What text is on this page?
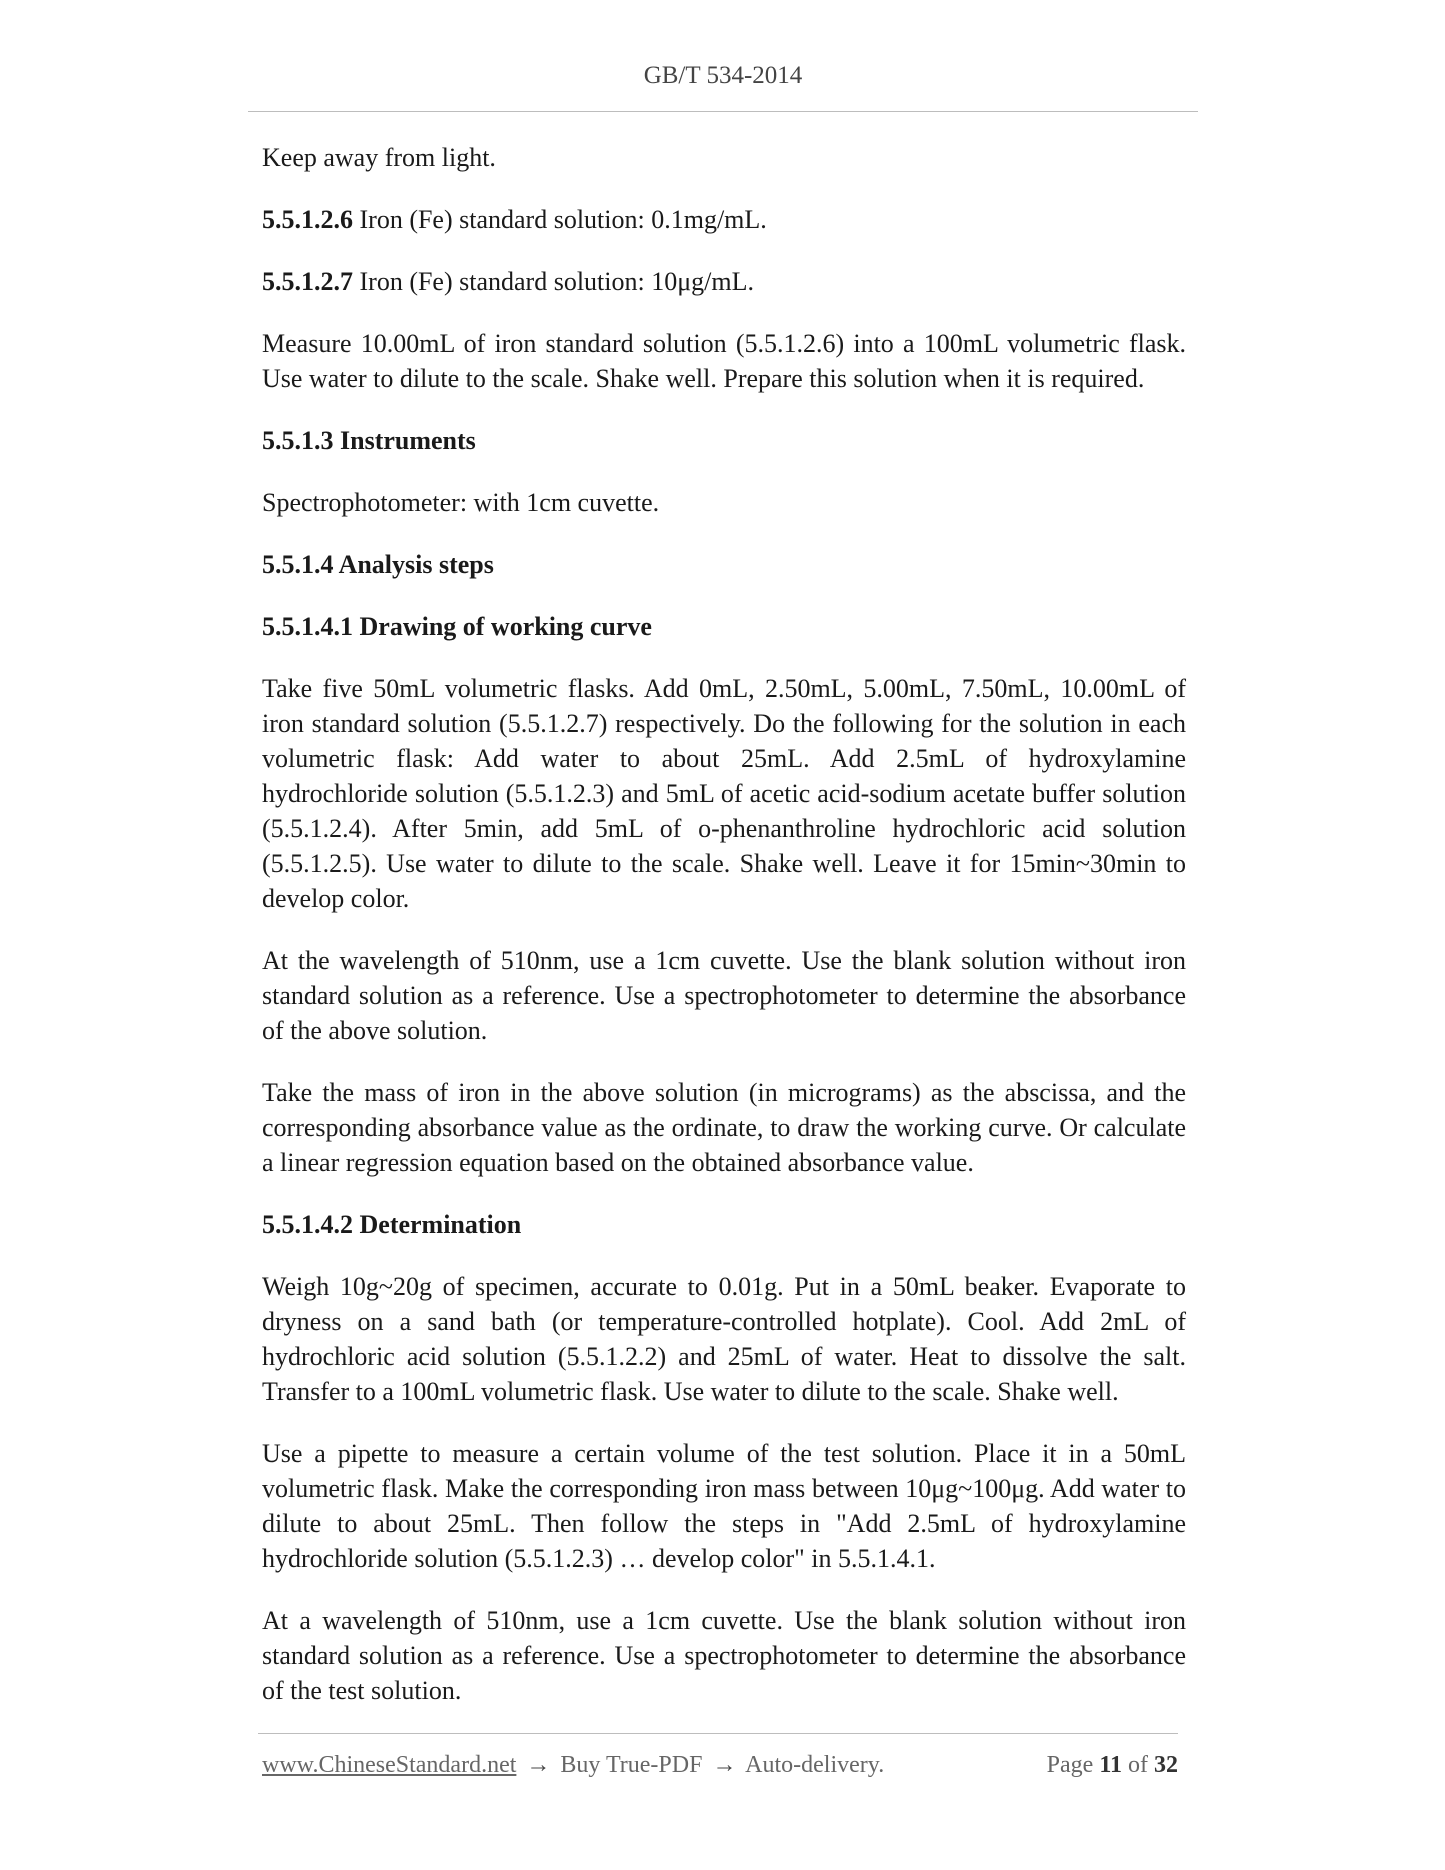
GB/T 534-2014

Keep away from light.

5.5.1.2.6 Iron (Fe) standard solution: 0.1mg/mL.

5.5.1.2.7 Iron (Fe) standard solution: 10μg/mL.

Measure 10.00mL of iron standard solution (5.5.1.2.6) into a 100mL volumetric flask. Use water to dilute to the scale. Shake well. Prepare this solution when it is required.

5.5.1.3 Instruments

Spectrophotometer: with 1cm cuvette.

5.5.1.4 Analysis steps

5.5.1.4.1 Drawing of working curve

Take five 50mL volumetric flasks. Add 0mL, 2.50mL, 5.00mL, 7.50mL, 10.00mL of iron standard solution (5.5.1.2.7) respectively. Do the following for the solution in each volumetric flask: Add water to about 25mL. Add 2.5mL of hydroxylamine hydrochloride solution (5.5.1.2.3) and 5mL of acetic acid-sodium acetate buffer solution (5.5.1.2.4). After 5min, add 5mL of o-phenanthroline hydrochloric acid solution (5.5.1.2.5). Use water to dilute to the scale. Shake well. Leave it for 15min~30min to develop color.

At the wavelength of 510nm, use a 1cm cuvette. Use the blank solution without iron standard solution as a reference. Use a spectrophotometer to determine the absorbance of the above solution.

Take the mass of iron in the above solution (in micrograms) as the abscissa, and the corresponding absorbance value as the ordinate, to draw the working curve. Or calculate a linear regression equation based on the obtained absorbance value.

5.5.1.4.2 Determination

Weigh 10g~20g of specimen, accurate to 0.01g. Put in a 50mL beaker. Evaporate to dryness on a sand bath (or temperature-controlled hotplate). Cool. Add 2mL of hydrochloric acid solution (5.5.1.2.2) and 25mL of water. Heat to dissolve the salt. Transfer to a 100mL volumetric flask. Use water to dilute to the scale. Shake well.

Use a pipette to measure a certain volume of the test solution. Place it in a 50mL volumetric flask. Make the corresponding iron mass between 10μg~100μg. Add water to dilute to about 25mL. Then follow the steps in "Add 2.5mL of hydroxylamine hydrochloride solution (5.5.1.2.3) … develop color" in 5.5.1.4.1.

At a wavelength of 510nm, use a 1cm cuvette. Use the blank solution without iron standard solution as a reference. Use a spectrophotometer to determine the absorbance of the test solution.

www.ChineseStandard.net → Buy True-PDF → Auto-delivery.	Page 11 of 32
